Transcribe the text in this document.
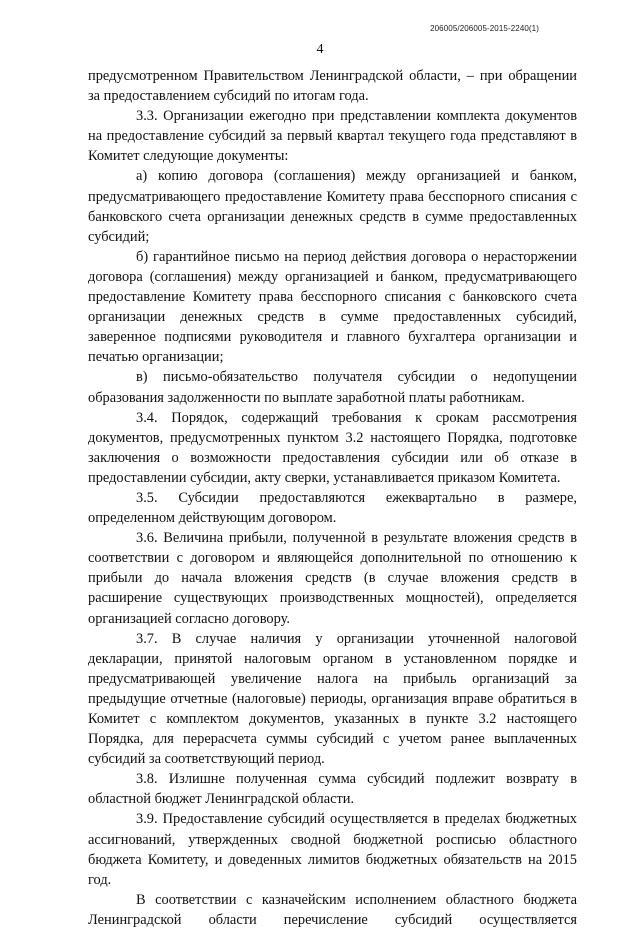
206005/206005-2015-2240(1)
4

предусмотренном Правительством Ленинградской области, – при обращении за предоставлением субсидий по итогам года.

3.3. Организации ежегодно при представлении комплекта документов на предоставление субсидий за первый квартал текущего года представляют в Комитет следующие документы:

а) копию договора (соглашения) между организацией и банком, предусматривающего предоставление Комитету права бесспорного списания с банковского счета организации денежных средств в сумме предоставленных субсидий;

б) гарантийное письмо на период действия договора о нерасторжении договора (соглашения) между организацией и банком, предусматривающего предоставление Комитету права бесспорного списания с банковского счета организации денежных средств в сумме предоставленных субсидий, заверенное подписями руководителя и главного бухгалтера организации и печатью организации;

в) письмо-обязательство получателя субсидии о недопущении образования задолженности по выплате заработной платы работникам.

3.4. Порядок, содержащий требования к срокам рассмотрения документов, предусмотренных пунктом 3.2 настоящего Порядка, подготовке заключения о возможности предоставления субсидии или об отказе в предоставлении субсидии, акту сверки, устанавливается приказом Комитета.

3.5. Субсидии предоставляются ежеквартально в размере, определенном действующим договором.

3.6. Величина прибыли, полученной в результате вложения средств в соответствии с договором и являющейся дополнительной по отношению к прибыли до начала вложения средств (в случае вложения средств в расширение существующих производственных мощностей), определяется организацией согласно договору.

3.7. В случае наличия у организации уточненной налоговой декларации, принятой налоговым органом в установленном порядке и предусматривающей увеличение налога на прибыль организаций за предыдущие отчетные (налоговые) периоды, организация вправе обратиться в Комитет с комплектом документов, указанных в пункте 3.2 настоящего Порядка, для перерасчета суммы субсидий с учетом ранее выплаченных субсидий за соответствующий период.

3.8. Излишне полученная сумма субсидий подлежит возврату в областной бюджет Ленинградской области.

3.9. Предоставление субсидий осуществляется в пределах бюджетных ассигнований, утвержденных сводной бюджетной росписью областного бюджета Комитету, и доведенных лимитов бюджетных обязательств на 2015 год.

В соответствии с казначейским исполнением областного бюджета Ленинградской области перечисление субсидий осуществляется
